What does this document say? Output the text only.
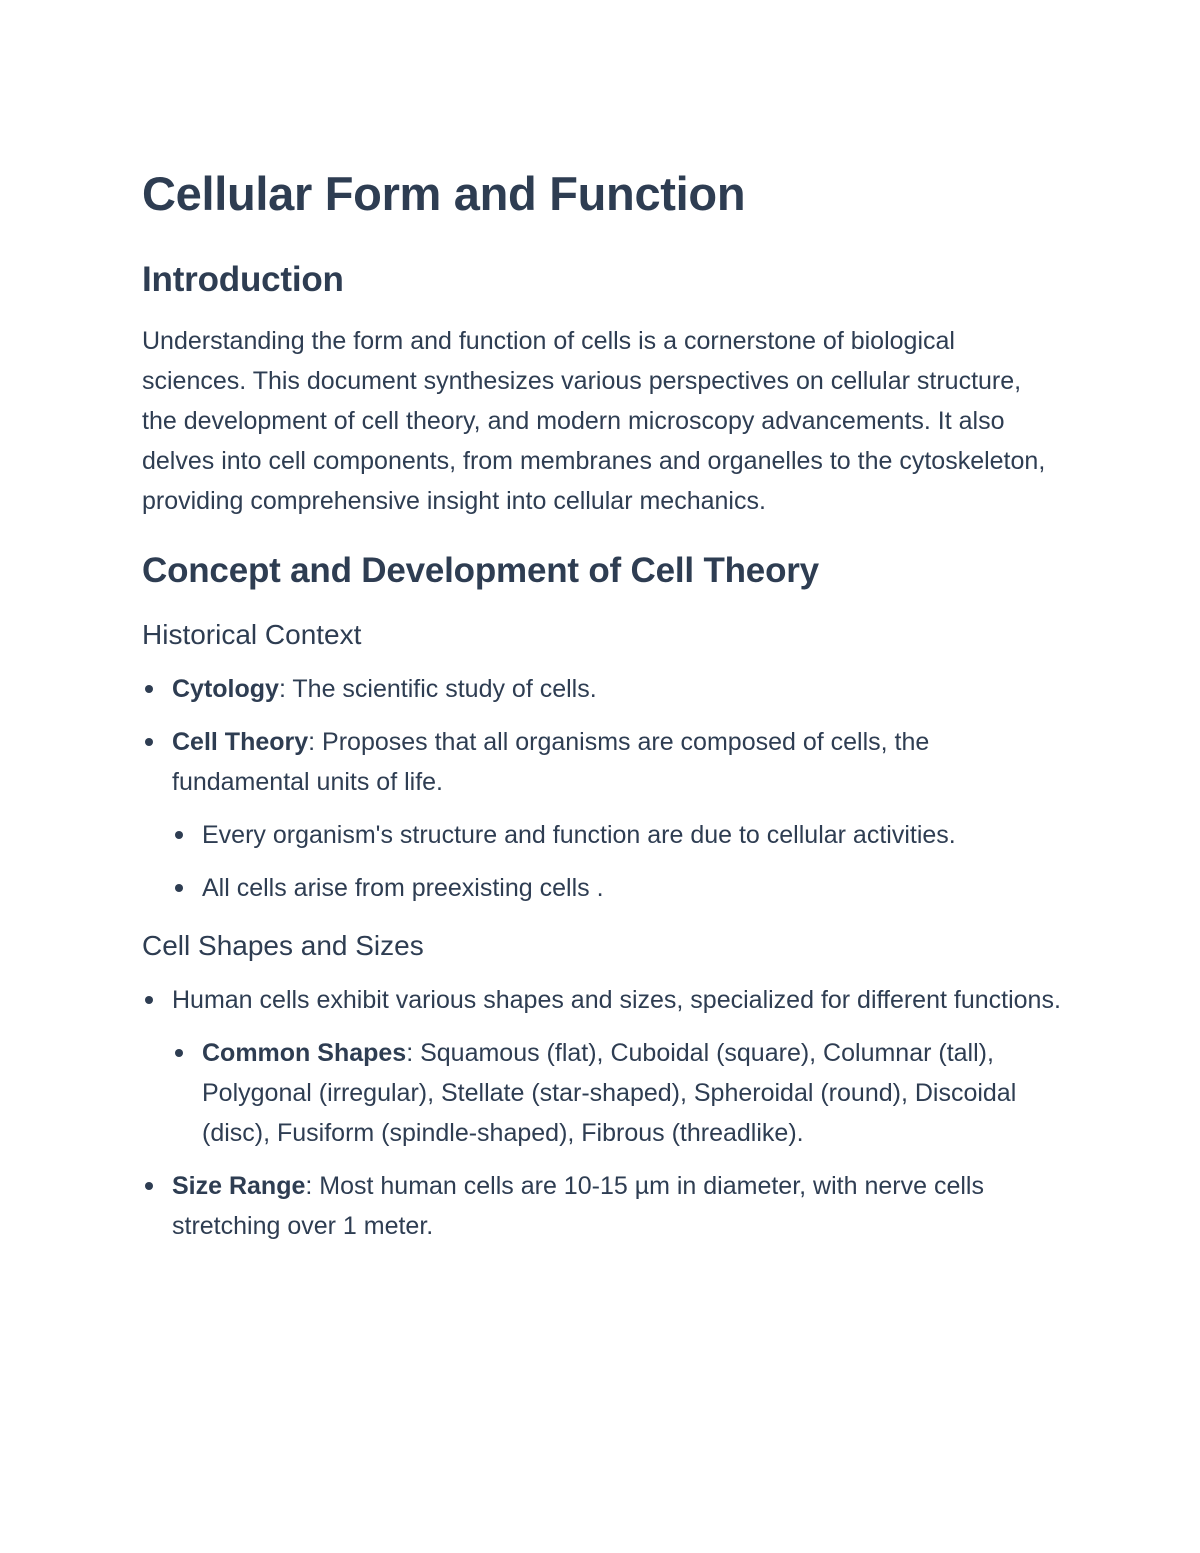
Cellular Form and Function
Introduction

Understanding the form and function of cells is a cornerstone of biological sciences. This document synthesizes various perspectives on cellular structure, the development of cell theory, and modern microscopy advancements. It also delves into cell components, from membranes and organelles to the cytoskeleton, providing comprehensive insight into cellular mechanics.

Concept and Development of Cell Theory
Historical Context
Cytology: The scientific study of cells.
Cell Theory: Proposes that all organisms are composed of cells, the fundamental units of life.
Every organism's structure and function are due to cellular activities.
All cells arise from preexisting cells .
Cell Shapes and Sizes
Human cells exhibit various shapes and sizes, specialized for different functions.
Common Shapes: Squamous (flat), Cuboidal (square), Columnar (tall), Polygonal (irregular), Stellate (star-shaped), Spheroidal (round), Discoidal (disc), Fusiform (spindle-shaped), Fibrous (threadlike).
Size Range: Most human cells are 10-15 µm in diameter, with nerve cells stretching over 1 meter.
